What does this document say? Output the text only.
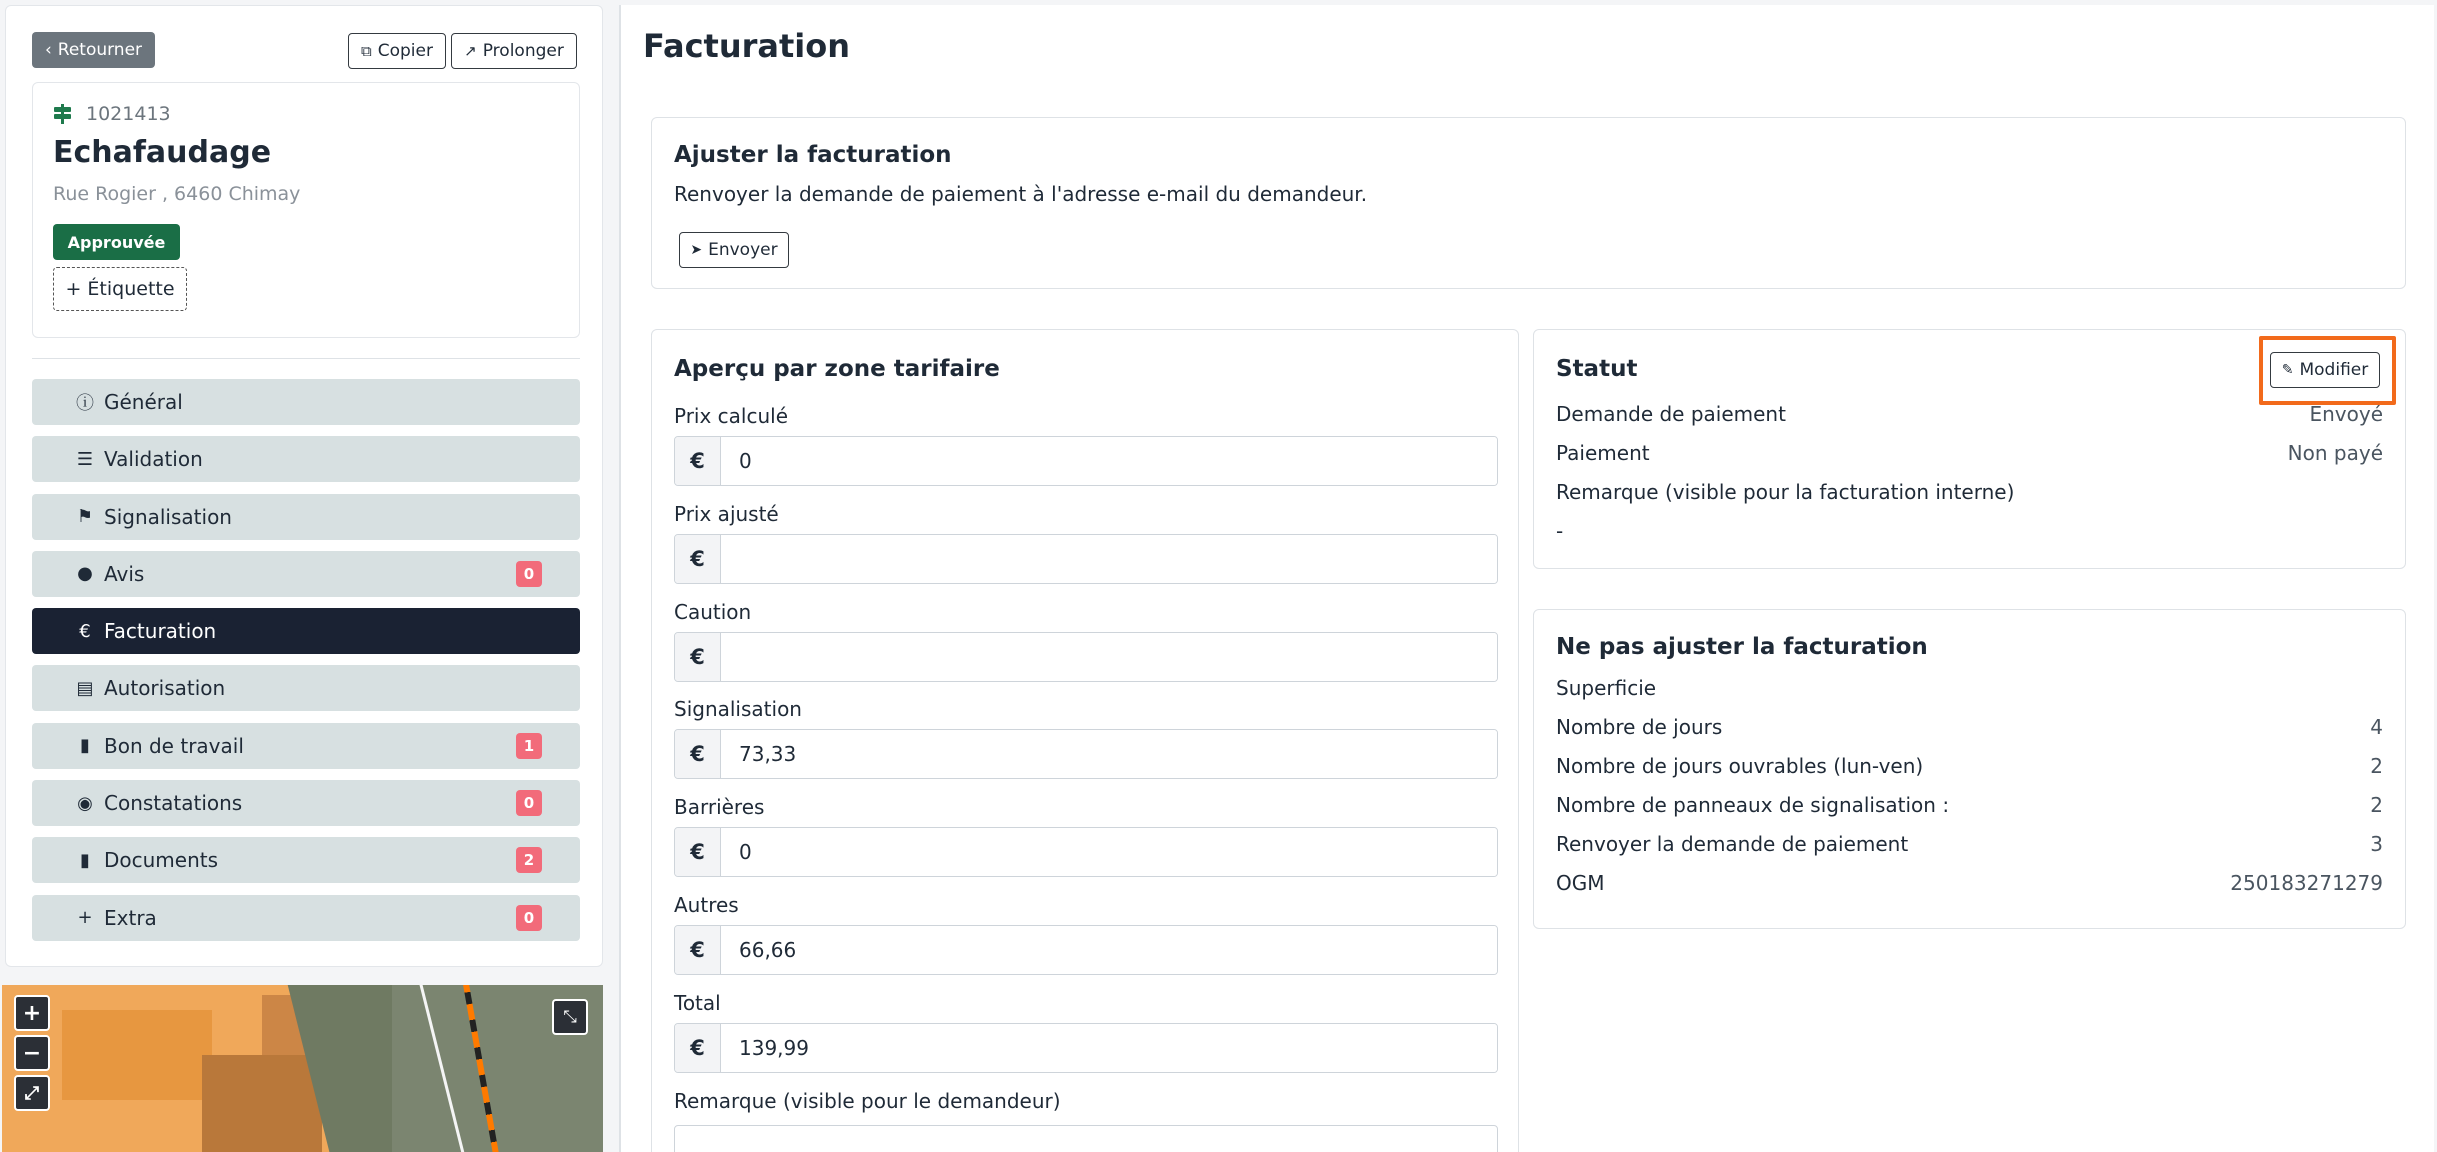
‹ Retourner	⧉ Copier ↗ Prolonger
1021413
Echafaudage
Rue Rogier , 6460 Chimay
Approuvée
+ Étiquette
ⓘ Général
☰ Validation
⚑ Signalisation
● Avis	0
€ Facturation
▤ Autorisation
▮ Bon de travail	1
◉ Constatations	0
▮ Documents	2
+ Extra	0
+
−
⤢
⤡
Facturation
Ajuster la facturation
Renvoyer la demande de paiement à l'adresse e-mail du demandeur.
➤ Envoyer
Aperçu par zone tarifaire
Prix calculé
€
0
Prix ajusté
€
Caution
€
Signalisation
€
73,33
Barrières
€
0
Autres
€
66,66
Total
€
139,99
Remarque (visible pour le demandeur)
Statut	✎ Modifier
Demande de paiement	Envoyé
Paiement	Non payé
Remarque (visible pour la facturation interne)
-
Ne pas ajuster la facturation
Superficie
Nombre de jours	4
Nombre de jours ouvrables (lun-ven)	2
Nombre de panneaux de signalisation :	2
Renvoyer la demande de paiement	3
OGM	250183271279
